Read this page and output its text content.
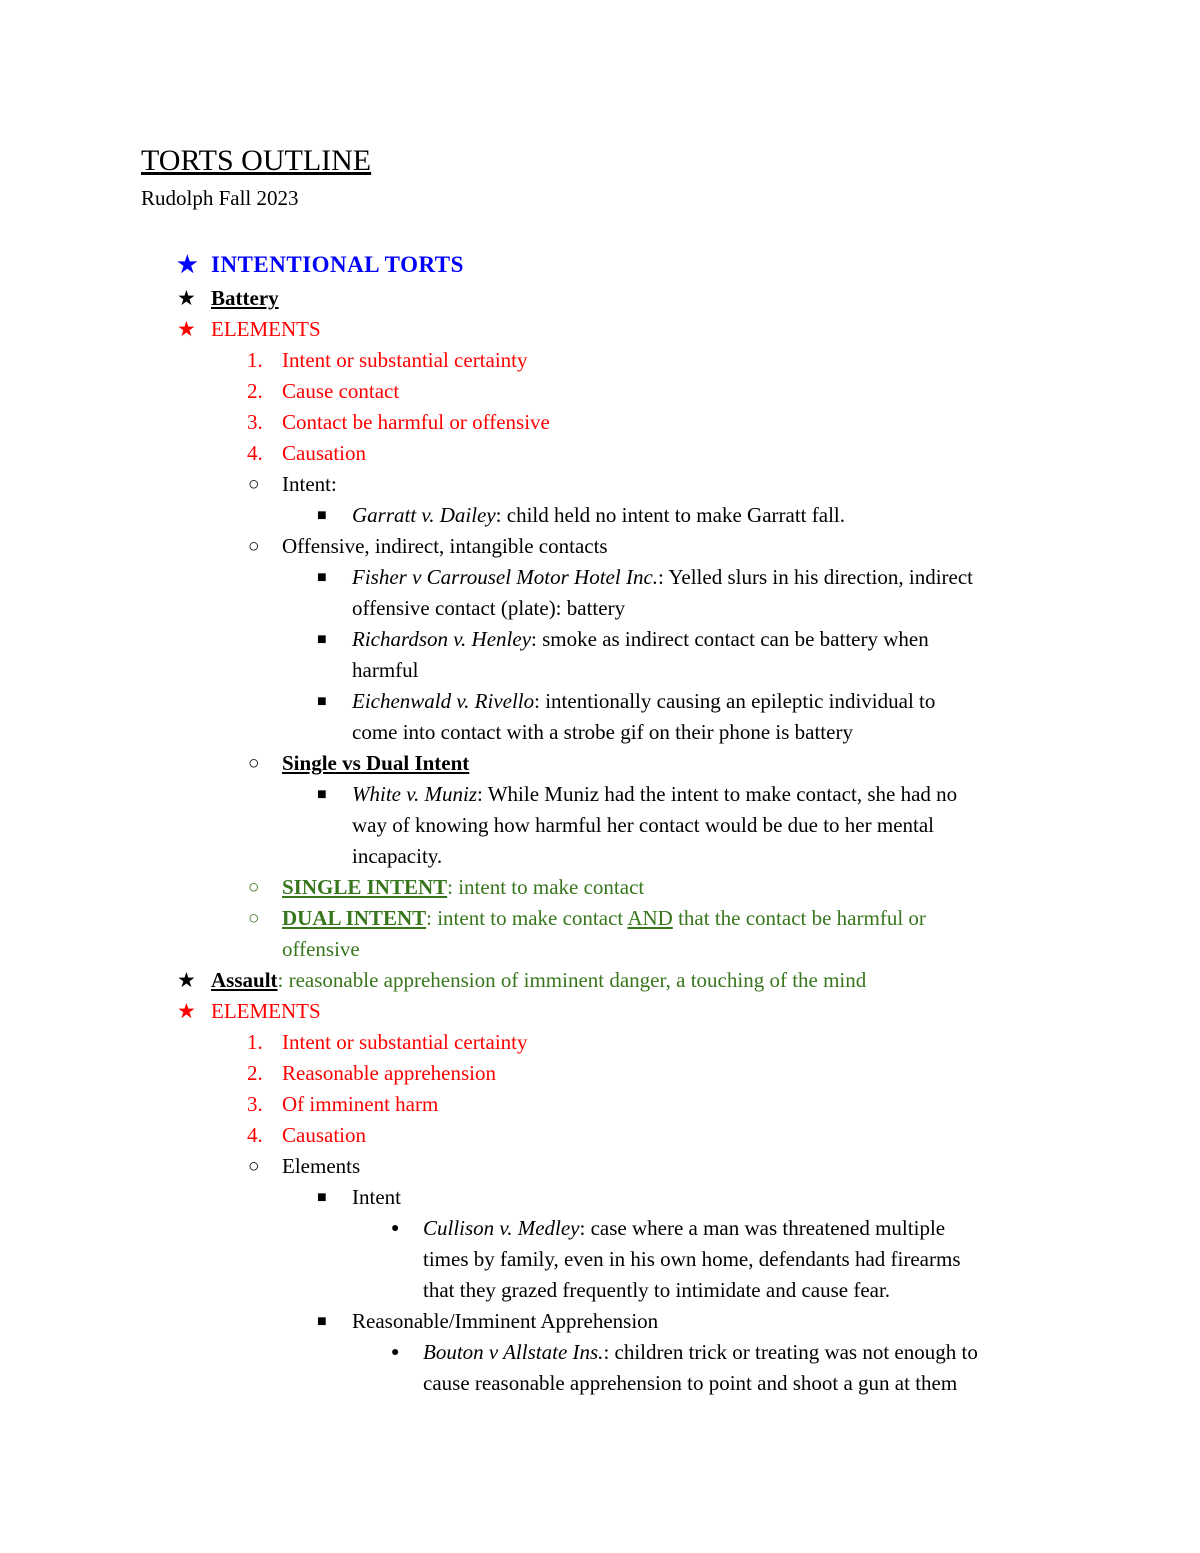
TORTS OUTLINE
Rudolph Fall 2023
★ INTENTIONAL TORTS
★ Battery
★ ELEMENTS
1. Intent or substantial certainty
2. Cause contact
3. Contact be harmful or offensive
4. Causation
○ Intent:
■ Garratt v. Dailey: child held no intent to make Garratt fall.
○ Offensive, indirect, intangible contacts
■ Fisher v Carrousel Motor Hotel Inc.: Yelled slurs in his direction, indirect
offensive contact (plate): battery
■ Richardson v. Henley: smoke as indirect contact can be battery when
harmful
■ Eichenwald v. Rivello: intentionally causing an epileptic individual to
come into contact with a strobe gif on their phone is battery
○ Single vs Dual Intent
■ White v. Muniz: While Muniz had the intent to make contact, she had no
way of knowing how harmful her contact would be due to her mental
incapacity.
○ SINGLE INTENT: intent to make contact
○ DUAL INTENT: intent to make contact AND that the contact be harmful or
offensive
★ Assault: reasonable apprehension of imminent danger, a touching of the mind
★ ELEMENTS
1. Intent or substantial certainty
2. Reasonable apprehension
3. Of imminent harm
4. Causation
○ Elements
■ Intent
● Cullison v. Medley: case where a man was threatened multiple
times by family, even in his own home, defendants had firearms
that they grazed frequently to intimidate and cause fear.
■ Reasonable/Imminent Apprehension
● Bouton v Allstate Ins.: children trick or treating was not enough to
cause reasonable apprehension to point and shoot a gun at them
